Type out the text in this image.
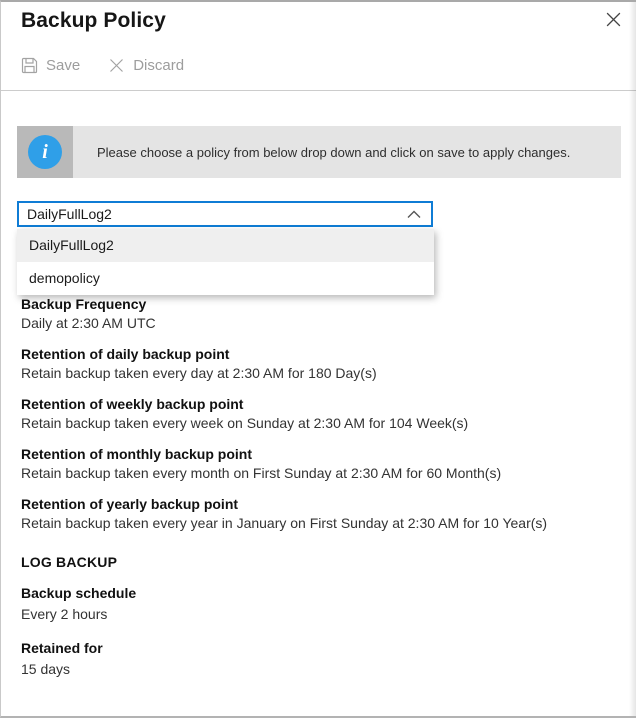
Backup Policy
Save	Discard
i	Please choose a policy from below drop down and click on save to apply changes.
DailyFullLog2
DailyFullLog2
demopolicy
Backup Frequency
Daily at 2:30 AM UTC
Retention of daily backup point
Retain backup taken every day at 2:30 AM for 180 Day(s)
Retention of weekly backup point
Retain backup taken every week on Sunday at 2:30 AM for 104 Week(s)
Retention of monthly backup point
Retain backup taken every month on First Sunday at 2:30 AM for 60 Month(s)
Retention of yearly backup point
Retain backup taken every year in January on First Sunday at 2:30 AM for 10 Year(s)
LOG BACKUP
Backup schedule
Every 2 hours
Retained for
15 days
